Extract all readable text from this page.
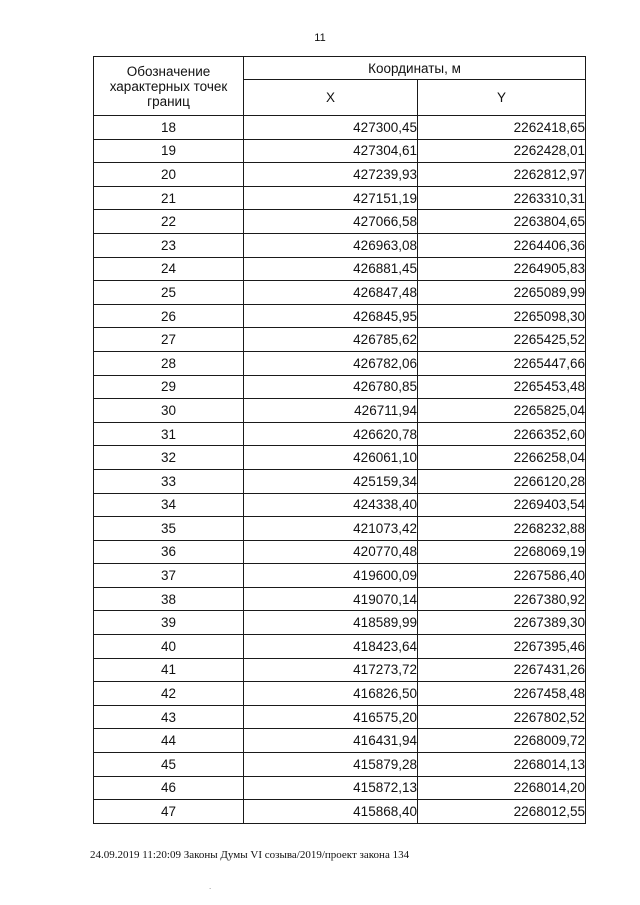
11
Обозначение характерных точек границ	Координаты, м	
	X	Y
18	427300,45	2262418,65
19	427304,61	2262428,01
20	427239,93	2262812,97
21	427151,19	2263310,31
22	427066,58	2263804,65
23	426963,08	2264406,36
24	426881,45	2264905,83
25	426847,48	2265089,99
26	426845,95	2265098,30
27	426785,62	2265425,52
28	426782,06	2265447,66
29	426780,85	2265453,48
30	426711,94	2265825,04
31	426620,78	2266352,60
32	426061,10	2266258,04
33	425159,34	2266120,28
34	424338,40	2269403,54
35	421073,42	2268232,88
36	420770,48	2268069,19
37	419600,09	2267586,40
38	419070,14	2267380,92
39	418589,99	2267389,30
40	418423,64	2267395,46
41	417273,72	2267431,26
42	416826,50	2267458,48
43	416575,20	2267802,52
44	416431,94	2268009,72
45	415879,28	2268014,13
46	415872,13	2268014,20
47	415868,40	2268012,55
24.09.2019 11:20:09 Законы Думы VI созыва/2019/проект закона 134
.
